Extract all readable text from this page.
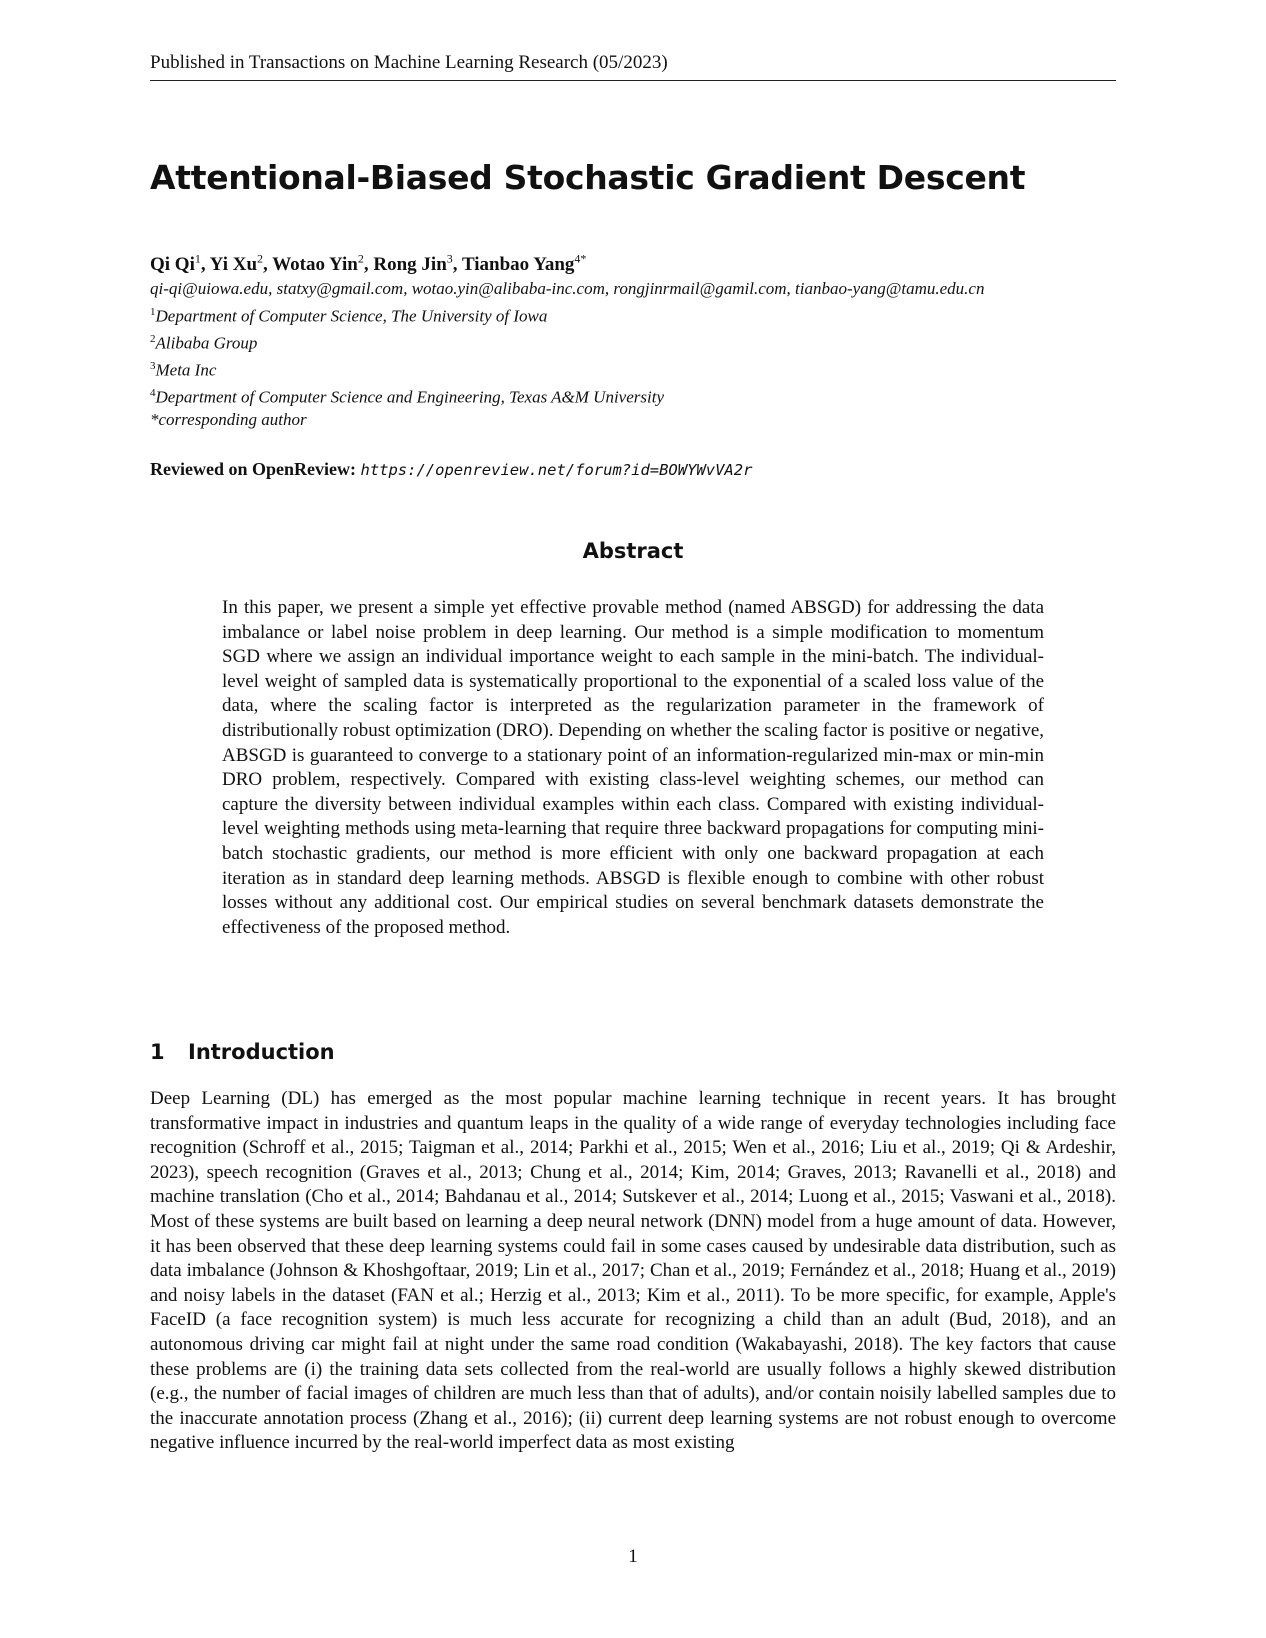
Published in Transactions on Machine Learning Research (05/2023)
Attentional-Biased Stochastic Gradient Descent
Qi Qi$^1$, Yi Xu$^2$, Wotao Yin$^2$, Rong Jin$^3$, Tianbao Yang$^{4*}$
qi-qi@uiowa.edu, statxy@gmail.com, wotao.yin@alibaba-inc.com, rongjinrmail@gamil.com, tianbao-yang@tamu.edu.cn
$^1$Department of Computer Science, The University of Iowa
$^2$Alibaba Group
$^3$Meta Inc
$^4$Department of Computer Science and Engineering, Texas A&M University
*corresponding author
Reviewed on OpenReview: https://openreview.net/forum?id=BOWYWvVA2r
Abstract
In this paper, we present a simple yet effective provable method (named ABSGD) for addressing the data imbalance or label noise problem in deep learning. Our method is a simple modification to momentum SGD where we assign an individual importance weight to each sample in the mini-batch. The individual-level weight of sampled data is systematically proportional to the exponential of a scaled loss value of the data, where the scaling factor is interpreted as the regularization parameter in the framework of distributionally robust optimization (DRO). Depending on whether the scaling factor is positive or negative, ABSGD is guaranteed to converge to a stationary point of an information-regularized min-max or min-min DRO problem, respectively. Compared with existing class-level weighting schemes, our method can capture the diversity between individual examples within each class. Compared with existing individual-level weighting methods using meta-learning that require three backward propagations for computing mini-batch stochastic gradients, our method is more efficient with only one backward propagation at each iteration as in standard deep learning methods. ABSGD is flexible enough to combine with other robust losses without any additional cost. Our empirical studies on several benchmark datasets demonstrate the effectiveness of the proposed method.
1 Introduction
Deep Learning (DL) has emerged as the most popular machine learning technique in recent years. It has brought transformative impact in industries and quantum leaps in the quality of a wide range of everyday technologies including face recognition (Schroff et al., 2015; Taigman et al., 2014; Parkhi et al., 2015; Wen et al., 2016; Liu et al., 2019; Qi & Ardeshir, 2023), speech recognition (Graves et al., 2013; Chung et al., 2014; Kim, 2014; Graves, 2013; Ravanelli et al., 2018) and machine translation (Cho et al., 2014; Bahdanau et al., 2014; Sutskever et al., 2014; Luong et al., 2015; Vaswani et al., 2018). Most of these systems are built based on learning a deep neural network (DNN) model from a huge amount of data. However, it has been observed that these deep learning systems could fail in some cases caused by undesirable data distribution, such as data imbalance (Johnson & Khoshgoftaar, 2019; Lin et al., 2017; Chan et al., 2019; Fernández et al., 2018; Huang et al., 2019) and noisy labels in the dataset (FAN et al.; Herzig et al., 2013; Kim et al., 2011). To be more specific, for example, Apple's FaceID (a face recognition system) is much less accurate for recognizing a child than an adult (Bud, 2018), and an autonomous driving car might fail at night under the same road condition (Wakabayashi, 2018). The key factors that cause these problems are (i) the training data sets collected from the real-world are usually follows a highly skewed distribution (e.g., the number of facial images of children are much less than that of adults), and/or contain noisily labelled samples due to the inaccurate annotation process (Zhang et al., 2016); (ii) current deep learning systems are not robust enough to overcome negative influence incurred by the real-world imperfect data as most existing
1
